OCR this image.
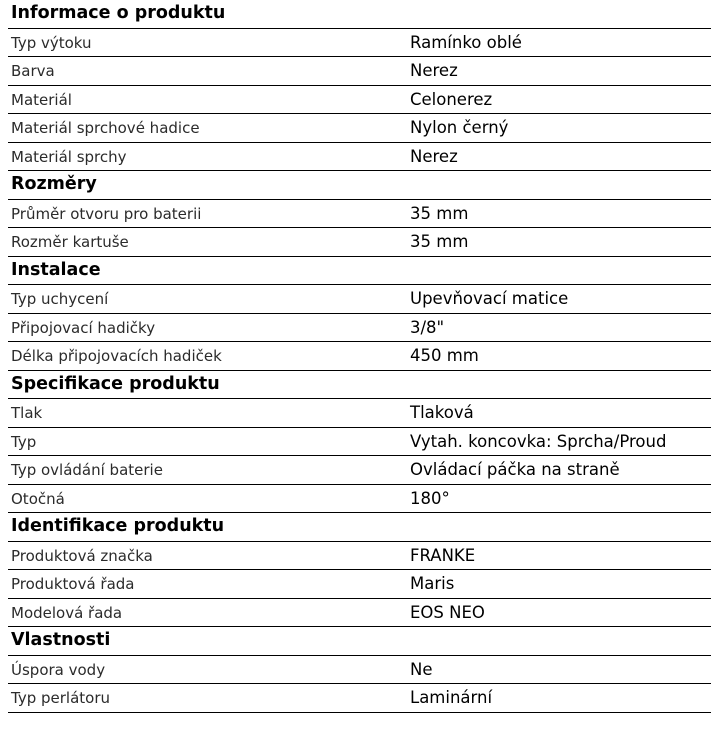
Informace o produktu
Typ výtoku	Ramínko oblé
Barva	Nerez
Materiál	Celonerez
Materiál sprchové hadice	Nylon černý
Materiál sprchy	Nerez
Rozměry
Průměr otvoru pro baterii	35 mm
Rozměr kartuše	35 mm
Instalace
Typ uchycení	Upevňovací matice
Připojovací hadičky	3/8"
Délka připojovacích hadiček	450 mm
Specifikace produktu
Tlak	Tlaková
Typ	Vytah. koncovka: Sprcha/Proud
Typ ovládání baterie	Ovládací páčka na straně
Otočná	180°
Identifikace produktu
Produktová značka	FRANKE
Produktová řada	Maris
Modelová řada	EOS NEO
Vlastnosti
Úspora vody	Ne
Typ perlátoru	Laminární
